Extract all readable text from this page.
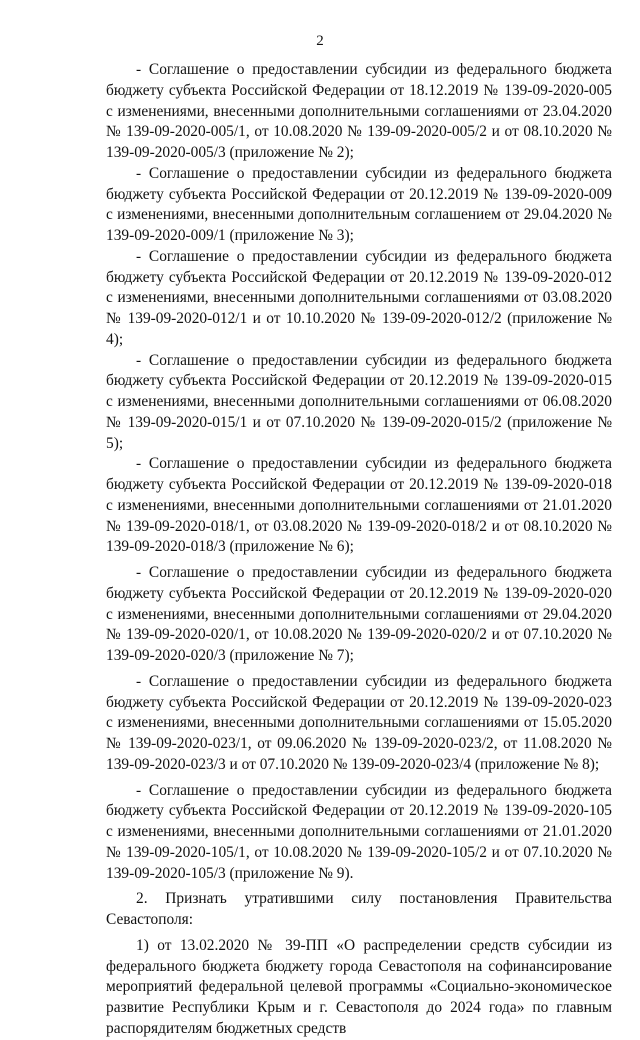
2

- Соглашение о предоставлении субсидии из федерального бюджета бюджету субъекта Российской Федерации от 18.12.2019 № 139-09-2020-005 с изменениями, внесенными дополнительными соглашениями от 23.04.2020 № 139-09-2020-005/1, от 10.08.2020 № 139-09-2020-005/2 и от 08.10.2020 № 139-09-2020-005/3 (приложение № 2);

- Соглашение о предоставлении субсидии из федерального бюджета бюджету субъекта Российской Федерации от 20.12.2019 № 139-09-2020-009 с изменениями, внесенными дополнительным соглашением от 29.04.2020 № 139-09-2020-009/1 (приложение № 3);

- Соглашение о предоставлении субсидии из федерального бюджета бюджету субъекта Российской Федерации от 20.12.2019 № 139-09-2020-012 с изменениями, внесенными дополнительными соглашениями от 03.08.2020 № 139-09-2020-012/1 и от 10.10.2020 № 139-09-2020-012/2 (приложение № 4);

- Соглашение о предоставлении субсидии из федерального бюджета бюджету субъекта Российской Федерации от 20.12.2019 № 139-09-2020-015 с изменениями, внесенными дополнительными соглашениями от 06.08.2020 № 139-09-2020-015/1 и от 07.10.2020 № 139-09-2020-015/2 (приложение № 5);

- Соглашение о предоставлении субсидии из федерального бюджета бюджету субъекта Российской Федерации от 20.12.2019 № 139-09-2020-018 с изменениями, внесенными дополнительными соглашениями от 21.01.2020 № 139-09-2020-018/1, от 03.08.2020 № 139-09-2020-018/2 и от 08.10.2020 № 139-09-2020-018/3 (приложение № 6);

- Соглашение о предоставлении субсидии из федерального бюджета бюджету субъекта Российской Федерации от 20.12.2019 № 139-09-2020-020 с изменениями, внесенными дополнительными соглашениями от 29.04.2020 № 139-09-2020-020/1, от 10.08.2020 № 139-09-2020-020/2 и от 07.10.2020 № 139-09-2020-020/3 (приложение № 7);

- Соглашение о предоставлении субсидии из федерального бюджета бюджету субъекта Российской Федерации от 20.12.2019 № 139-09-2020-023 с изменениями, внесенными дополнительными соглашениями от 15.05.2020 № 139-09-2020-023/1, от 09.06.2020 № 139-09-2020-023/2, от 11.08.2020 № 139-09-2020-023/3 и от 07.10.2020 № 139-09-2020-023/4 (приложение № 8);

- Соглашение о предоставлении субсидии из федерального бюджета бюджету субъекта Российской Федерации от 20.12.2019 № 139-09-2020-105 с изменениями, внесенными дополнительными соглашениями от 21.01.2020 № 139-09-2020-105/1, от 10.08.2020 № 139-09-2020-105/2 и от 07.10.2020 № 139-09-2020-105/3 (приложение № 9).

2. Признать утратившими силу постановления Правительства Севастополя:

1) от 13.02.2020 № 39-ПП «О распределении средств субсидии из федерального бюджета бюджету города Севастополя на софинансирование мероприятий федеральной целевой программы «Социально-экономическое развитие Республики Крым и г. Севастополя до 2024 года» по главным распорядителям бюджетных средств
